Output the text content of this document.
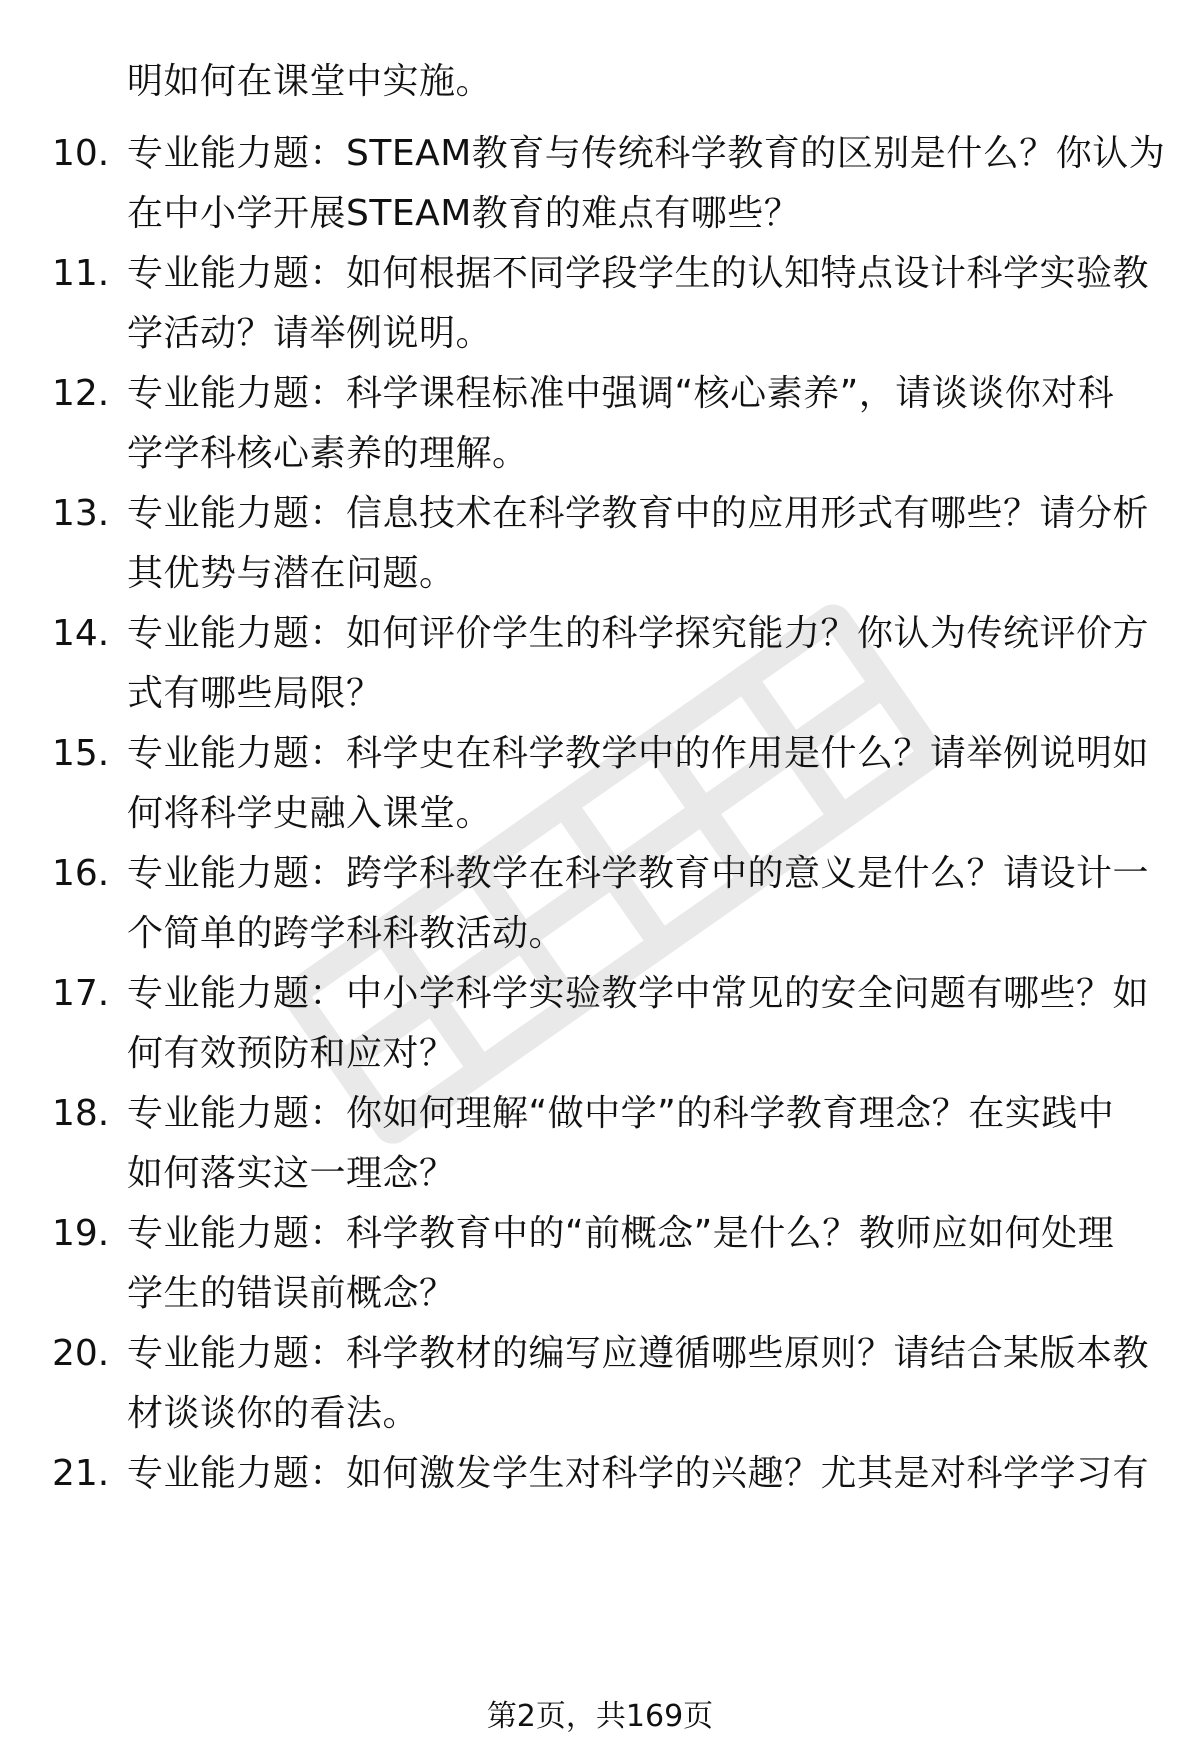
明如何在课堂中实施。
10. 专业能力题：STEAM教育与传统科学教育的区别是什么？你认为
在中小学开展STEAM教育的难点有哪些？
11. 专业能力题：如何根据不同学段学生的认知特点设计科学实验教
学活动？请举例说明。
12. 专业能力题：科学课程标准中强调“核心素养”，请谈谈你对科
学学科核心素养的理解。
13. 专业能力题：信息技术在科学教育中的应用形式有哪些？请分析
其优势与潜在问题。
14. 专业能力题：如何评价学生的科学探究能力？你认为传统评价方
式有哪些局限？
15. 专业能力题：科学史在科学教学中的作用是什么？请举例说明如
何将科学史融入课堂。
16. 专业能力题：跨学科教学在科学教育中的意义是什么？请设计一
个简单的跨学科科教活动。
17. 专业能力题：中小学科学实验教学中常见的安全问题有哪些？如
何有效预防和应对？
18. 专业能力题：你如何理解“做中学”的科学教育理念？在实践中
如何落实这一理念？
19. 专业能力题：科学教育中的“前概念”是什么？教师应如何处理
学生的错误前概念？
20. 专业能力题：科学教材的编写应遵循哪些原则？请结合某版本教
材谈谈你的看法。
21. 专业能力题：如何激发学生对科学的兴趣？尤其是对科学学习有
第2页，共169页
